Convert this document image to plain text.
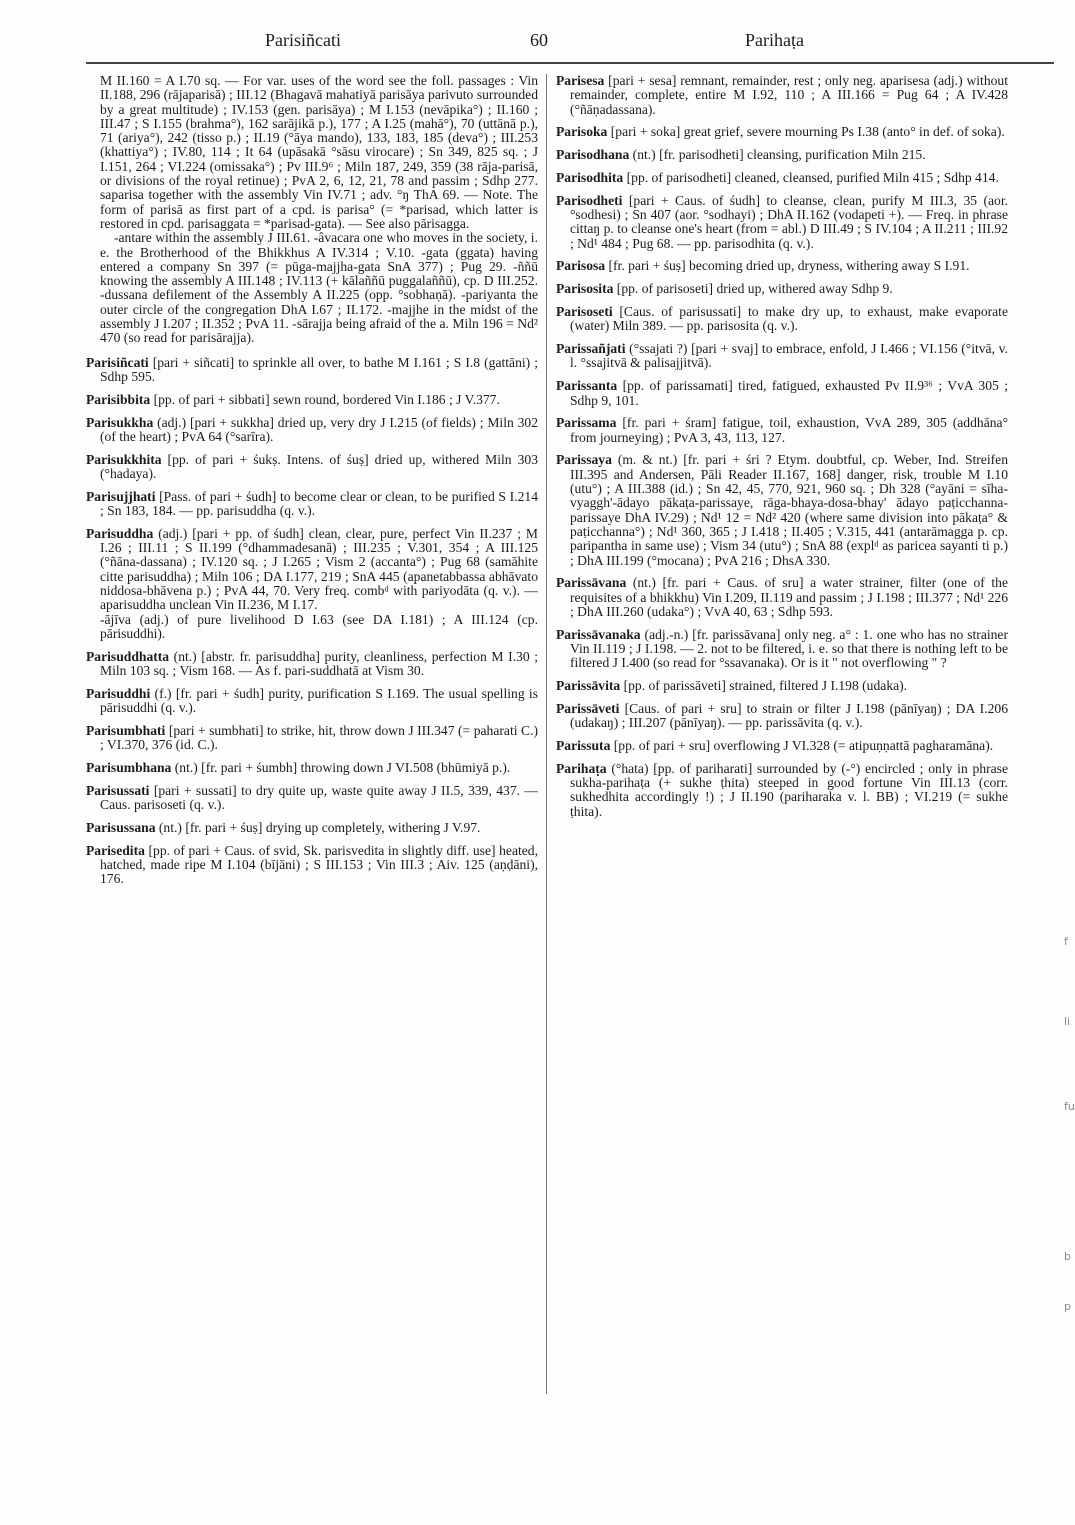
Parisiñcati	60	Parihaṭa

M II.160 = A I.70 sq. — For var. uses of the word see the foll. passages : Vin II.188, 296 (rājaparisā) ; III.12 (Bhagavā mahatiyā parisāya parivuto surrounded by a great multitude) ; IV.153 (gen. parisāya) ; M I.153 (nevāpika°) ; II.160 ; III.47 ; S I.155 (brahma°), 162 sarājikā p.), 177 ; A I.25 (mahā°), 70 (uttānā p.), 71 (ariya°), 242 (tisso p.) ; II.19 (°āya mando), 133, 183, 185 (deva°) ; III.253 (khattiya°) ; IV.80, 114 ; It 64 (upāsakā °sāsu virocare) ; Sn 349, 825 sq. ; J I.151, 264 ; VI.224 (omissaka°) ; Pv III.9⁶ ; Miln 187, 249, 359 (38 rāja-parisā, or divisions of the royal retinue) ; PvA 2, 6, 12, 21, 78 and passim ; Sdhp 277. saparisa together with the assembly Vin IV.71 ; adv. °ŋ ThA 69. — Note. The form of parisā as first part of a cpd. is parisa° (= *parisad, which latter is restored in cpd. parisaggata = *parisad-gata). — See also pārisagga.

-antare within the assembly J III.61. -âvacara one who moves in the society, i. e. the Brotherhood of the Bhikkhus A IV.314 ; V.10. -gata (ggata) having entered a company Sn 397 (= pūga-majjha-gata SnA 377) ; Pug 29. -ññū knowing the assembly A III.148 ; IV.113 (+ kālaññū puggalaññū), cp. D III.252. -dussana defilement of the Assembly A II.225 (opp. °sobhaṇā). -pariyanta the outer circle of the congregation DhA I.67 ; II.172. -majjhe in the midst of the assembly J I.207 ; II.352 ; PvA 11. -sārajja being afraid of the a. Miln 196 = Nd² 470 (so read for parisārajja).

Parisiñcati [pari + siñcati] to sprinkle all over, to bathe M I.161 ; S I.8 (gattāni) ; Sdhp 595.

Parisibbita [pp. of pari + sibbati] sewn round, bordered Vin I.186 ; J V.377.

Parisukkha (adj.) [pari + sukkha] dried up, very dry J I.215 (of fields) ; Miln 302 (of the heart) ; PvA 64 (°sarīra).

Parisukkhita [pp. of pari + śukṣ. Intens. of śuṣ] dried up, withered Miln 303 (°hadaya).

Parisujjhati [Pass. of pari + śudh] to become clear or clean, to be purified S I.214 ; Sn 183, 184. — pp. parisuddha (q. v.).

Parisuddha (adj.) [pari + pp. of śudh] clean, clear, pure, perfect Vin II.237 ; M I.26 ; III.11 ; S II.199 (°dhammadesanā) ; III.235 ; V.301, 354 ; A III.125 (°ñāna-dassana) ; IV.120 sq. ; J I.265 ; Vism 2 (accanta°) ; Pug 68 (samāhite citte parisuddha) ; Miln 106 ; DA I.177, 219 ; SnA 445 (apanetabbassa abhāvato niddosa-bhāvena p.) ; PvA 44, 70. Very freq. combᵈ with pariyodāta (q. v.). — aparisuddha unclean Vin II.236, M I.17.
-ājīva (adj.) of pure livelihood D I.63 (see DA I.181) ; A III.124 (cp. pārisuddhi).

Parisuddhatta (nt.) [abstr. fr. parisuddha] purity, cleanliness, perfection M I.30 ; Miln 103 sq. ; Vism 168. — As f. pari-suddhatā at Vism 30.

Parisuddhi (f.) [fr. pari + śudh] purity, purification S I.169. The usual spelling is pārisuddhi (q. v.).

Parisumbhati [pari + sumbhati] to strike, hit, throw down J III.347 (= paharati C.) ; VI.370, 376 (id. C.).

Parisumbhana (nt.) [fr. pari + śumbh] throwing down J VI.508 (bhūmiyā p.).

Parisussati [pari + sussati] to dry quite up, waste quite away J II.5, 339, 437. — Caus. parisoseti (q. v.).

Parisussana (nt.) [fr. pari + śuṣ] drying up completely, withering J V.97.

Parisedita [pp. of pari + Caus. of svid, Sk. parisvedita in slightly diff. use] heated, hatched, made ripe M I.104 (bījāni) ; S III.153 ; Vin III.3 ; Aiv. 125 (aṇḍāni), 176.

Parisesa [pari + sesa] remnant, remainder, rest ; only neg. aparisesa (adj.) without remainder, complete, entire M I.92, 110 ; A III.166 = Pug 64 ; A IV.428 (°ñāṇadassana).

Parisoka [pari + soka] great grief, severe mourning Ps I.38 (anto° in def. of soka).

Parisodhana (nt.) [fr. parisodheti] cleansing, purification Miln 215.

Parisodhita [pp. of parisodheti] cleaned, cleansed, purified Miln 415 ; Sdhp 414.

Parisodheti [pari + Caus. of śudh] to cleanse, clean, purify M III.3, 35 (aor. °sodhesi) ; Sn 407 (aor. °sodhayi) ; DhA II.162 (vodapeti +). — Freq. in phrase cittaŋ p. to cleanse one's heart (from = abl.) D III.49 ; S IV.104 ; A II.211 ; III.92 ; Nd¹ 484 ; Pug 68. — pp. parisodhita (q. v.).

Parisosa [fr. pari + śuṣ] becoming dried up, dryness, withering away S I.91.

Parisosita [pp. of parisoseti] dried up, withered away Sdhp 9.

Parisoseti [Caus. of parisussati] to make dry up, to exhaust, make evaporate (water) Miln 389. — pp. parisosita (q. v.).

Parissañjati (°ssajati ?) [pari + svaj] to embrace, enfold, J I.466 ; VI.156 (°itvā, v. l. °ssajitvā & palisajjitvā).

Parissanta [pp. of parissamati] tired, fatigued, exhausted Pv II.9³⁶ ; VvA 305 ; Sdhp 9, 101.

Parissama [fr. pari + śram] fatigue, toil, exhaustion, VvA 289, 305 (addhāna° from journeying) ; PvA 3, 43, 113, 127.

Parissaya (m. & nt.) [fr. pari + śri ? Etym. doubtful, cp. Weber, Ind. Streifen III.395 and Andersen, Pāli Reader II.167, 168] danger, risk, trouble M I.10 (utu°) ; A III.388 (id.) ; Sn 42, 45, 770, 921, 960 sq. ; Dh 328 (°ayāni = sīha-vyaggh'-ādayo pākaṭa-parissaye, rāga-bhaya-dosa-bhay' ādayo paṭicchanna-parissaye DhA IV.29) ; Nd¹ 12 = Nd² 420 (where same division into pākaṭa° & paṭicchanna°) ; Nd¹ 360, 365 ; J I.418 ; II.405 ; V.315, 441 (antarāmagga p. cp. paripantha in same use) ; Vism 34 (utu°) ; SnA 88 (explᵈ as paricea sayanti ti p.) ; DhA III.199 (°mocana) ; PvA 216 ; DhsA 330.

Parissāvana (nt.) [fr. pari + Caus. of sru] a water strainer, filter (one of the requisites of a bhikkhu) Vin I.209, II.119 and passim ; J I.198 ; III.377 ; Nd¹ 226 ; DhA III.260 (udaka°) ; VvA 40, 63 ; Sdhp 593.

Parissāvanaka (adj.-n.) [fr. parissāvana] only neg. a° : 1. one who has no strainer Vin II.119 ; J I.198. — 2. not to be filtered, i. e. so that there is nothing left to be filtered J I.400 (so read for °ssavanaka). Or is it " not overflowing " ?

Parissāvita [pp. of parissāveti] strained, filtered J I.198 (udaka).

Parissāveti [Caus. of pari + sru] to strain or filter J I.198 (pānīyaŋ) ; DA I.206 (udakaŋ) ; III.207 (pānīyaŋ). — pp. parissāvita (q. v.).

Parissuta [pp. of pari + sru] overflowing J VI.328 (= atipuṇṇattā pagharamāna).

Parihaṭa (°hata) [pp. of pariharati] surrounded by (-°) encircled ; only in phrase sukha-parihaṭa (+ sukhe ṭhita) steeped in good fortune Vin III.13 (corr. sukhedhita accordingly !) ; J II.190 (pariharaka v. l. BB) ; VI.219 (= sukhe ṭhita).

f
li
fu
b
p
